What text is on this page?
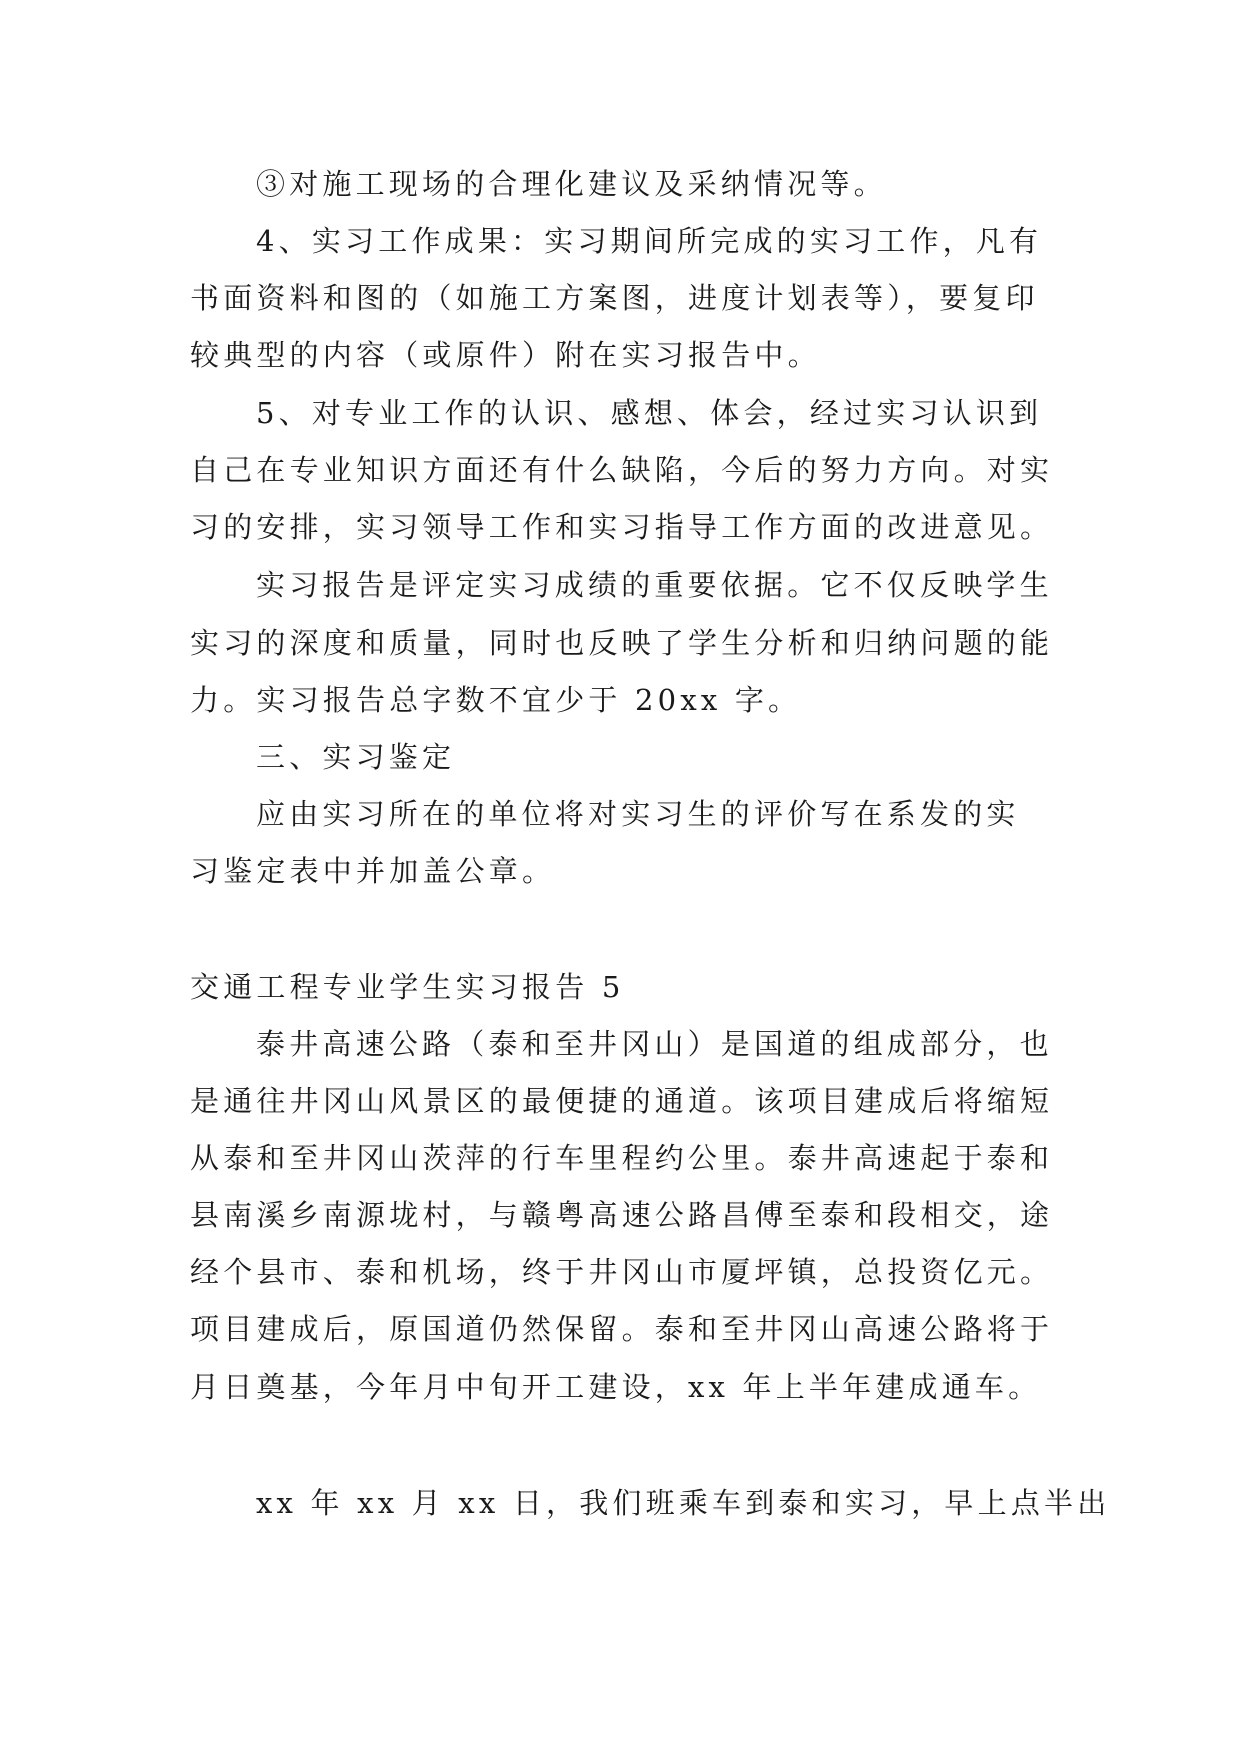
③对施工现场的合理化建议及采纳情况等。
4、实习工作成果：实习期间所完成的实习工作，凡有
书面资料和图的（如施工方案图，进度计划表等），要复印
较典型的内容（或原件）附在实习报告中。
5、对专业工作的认识、感想、体会，经过实习认识到
自己在专业知识方面还有什么缺陷，今后的努力方向。对实
习的安排，实习领导工作和实习指导工作方面的改进意见。
实习报告是评定实习成绩的重要依据。它不仅反映学生
实习的深度和质量，同时也反映了学生分析和归纳问题的能
力。实习报告总字数不宜少于 20xx 字。
三、实习鉴定
应由实习所在的单位将对实习生的评价写在系发的实
习鉴定表中并加盖公章。
交通工程专业学生实习报告 5
泰井高速公路（泰和至井冈山）是国道的组成部分，也
是通往井冈山风景区的最便捷的通道。该项目建成后将缩短
从泰和至井冈山茨萍的行车里程约公里。泰井高速起于泰和
县南溪乡南源垅村，与赣粤高速公路昌傅至泰和段相交，途
经个县市、泰和机场，终于井冈山市厦坪镇，总投资亿元。
项目建成后，原国道仍然保留。泰和至井冈山高速公路将于
月日奠基，今年月中旬开工建设，xx 年上半年建成通车。
xx 年 xx 月 xx 日，我们班乘车到泰和实习，早上点半出
